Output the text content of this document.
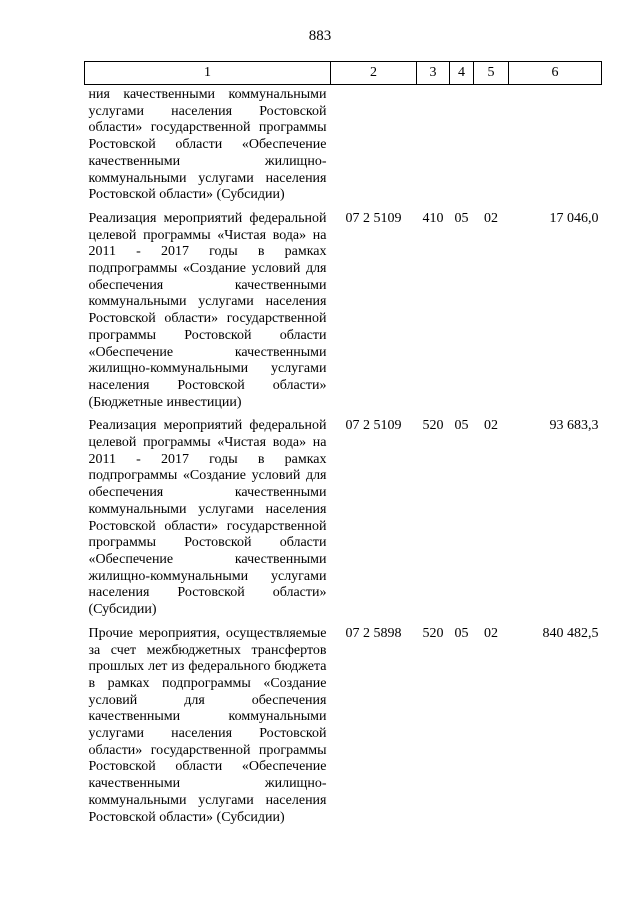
883
1	2	3	4	5	6
ния качественными коммунальными услугами населения Ростовской области» государственной программы Ростовской области «Обеспечение качественными жилищно-коммунальными услугами населения Ростовской области» (Субсидии)					
Реализация мероприятий федеральной целевой программы «Чистая вода» на 2011 - 2017 годы в рамках подпрограммы «Создание условий для обеспечения качественными коммунальными услугами населения Ростовской области» государственной программы Ростовской области «Обеспечение качественными жилищно-коммунальными услугами населения Ростовской области» (Бюджетные инвестиции)	07 2 5109	410	05	02	17 046,0
Реализация мероприятий федеральной целевой программы «Чистая вода» на 2011 - 2017 годы в рамках подпрограммы «Создание условий для обеспечения качественными коммунальными услугами населения Ростовской области» государственной программы Ростовской области «Обеспечение качественными жилищно-коммунальными услугами населения Ростовской области» (Субсидии)	07 2 5109	520	05	02	93 683,3
Прочие мероприятия, осуществляемые за счет межбюджетных трансфертов прошлых лет из федерального бюджета в рамках подпрограммы «Создание условий для обеспечения качественными коммунальными услугами населения Ростовской области» государственной программы Ростовской области «Обеспечение качественными жилищно-коммунальными услугами населения Ростовской области» (Субсидии)	07 2 5898	520	05	02	840 482,5
